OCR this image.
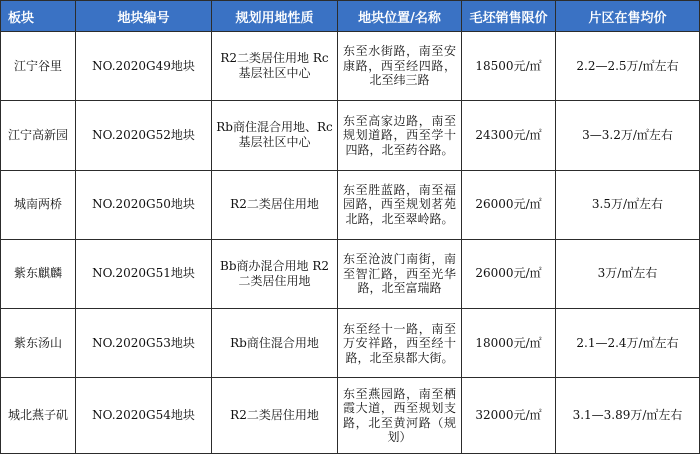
板块	地块编号	规划用地性质	地块位置/名称	毛坯销售限价	片区在售均价
江宁谷里	NO.2020G49地块	R2二类居住用地 Rc基层社区中心	东至水街路，南至安康路，西至经四路，北至纬三路	18500元/㎡	2.2—2.5万/㎡左右
江宁高新园	NO.2020G52地块	Rb商住混合用地、Rc基层社区中心	东至高家边路，南至规划道路，西至学十四路，北至药谷路。	24300元/㎡	3—3.2万/㎡左右
城南两桥	NO.2020G50地块	R2二类居住用地	东至胜蓝路，南至福园路，西至规划茗苑北路，北至翠岭路。	26000元/㎡	3.5万/㎡左右
紫东麒麟	NO.2020G51地块	Bb商办混合用地 R2二类居住用地	东至沧波门南街，南至智汇路，西至光华路，北至富瑞路	26000元/㎡	3万/㎡左右
紫东汤山	NO.2020G53地块	Rb商住混合用地	东至经十一路，南至万安祥路，西至经十路，北至泉都大街。	18000元/㎡	2.1—2.4万/㎡左右
城北燕子矶	NO.2020G54地块	R2二类居住用地	东至燕园路，南至栖霞大道，西至规划支路，北至黄河路（规划）	32000元/㎡	3.1—3.89万/㎡左右
